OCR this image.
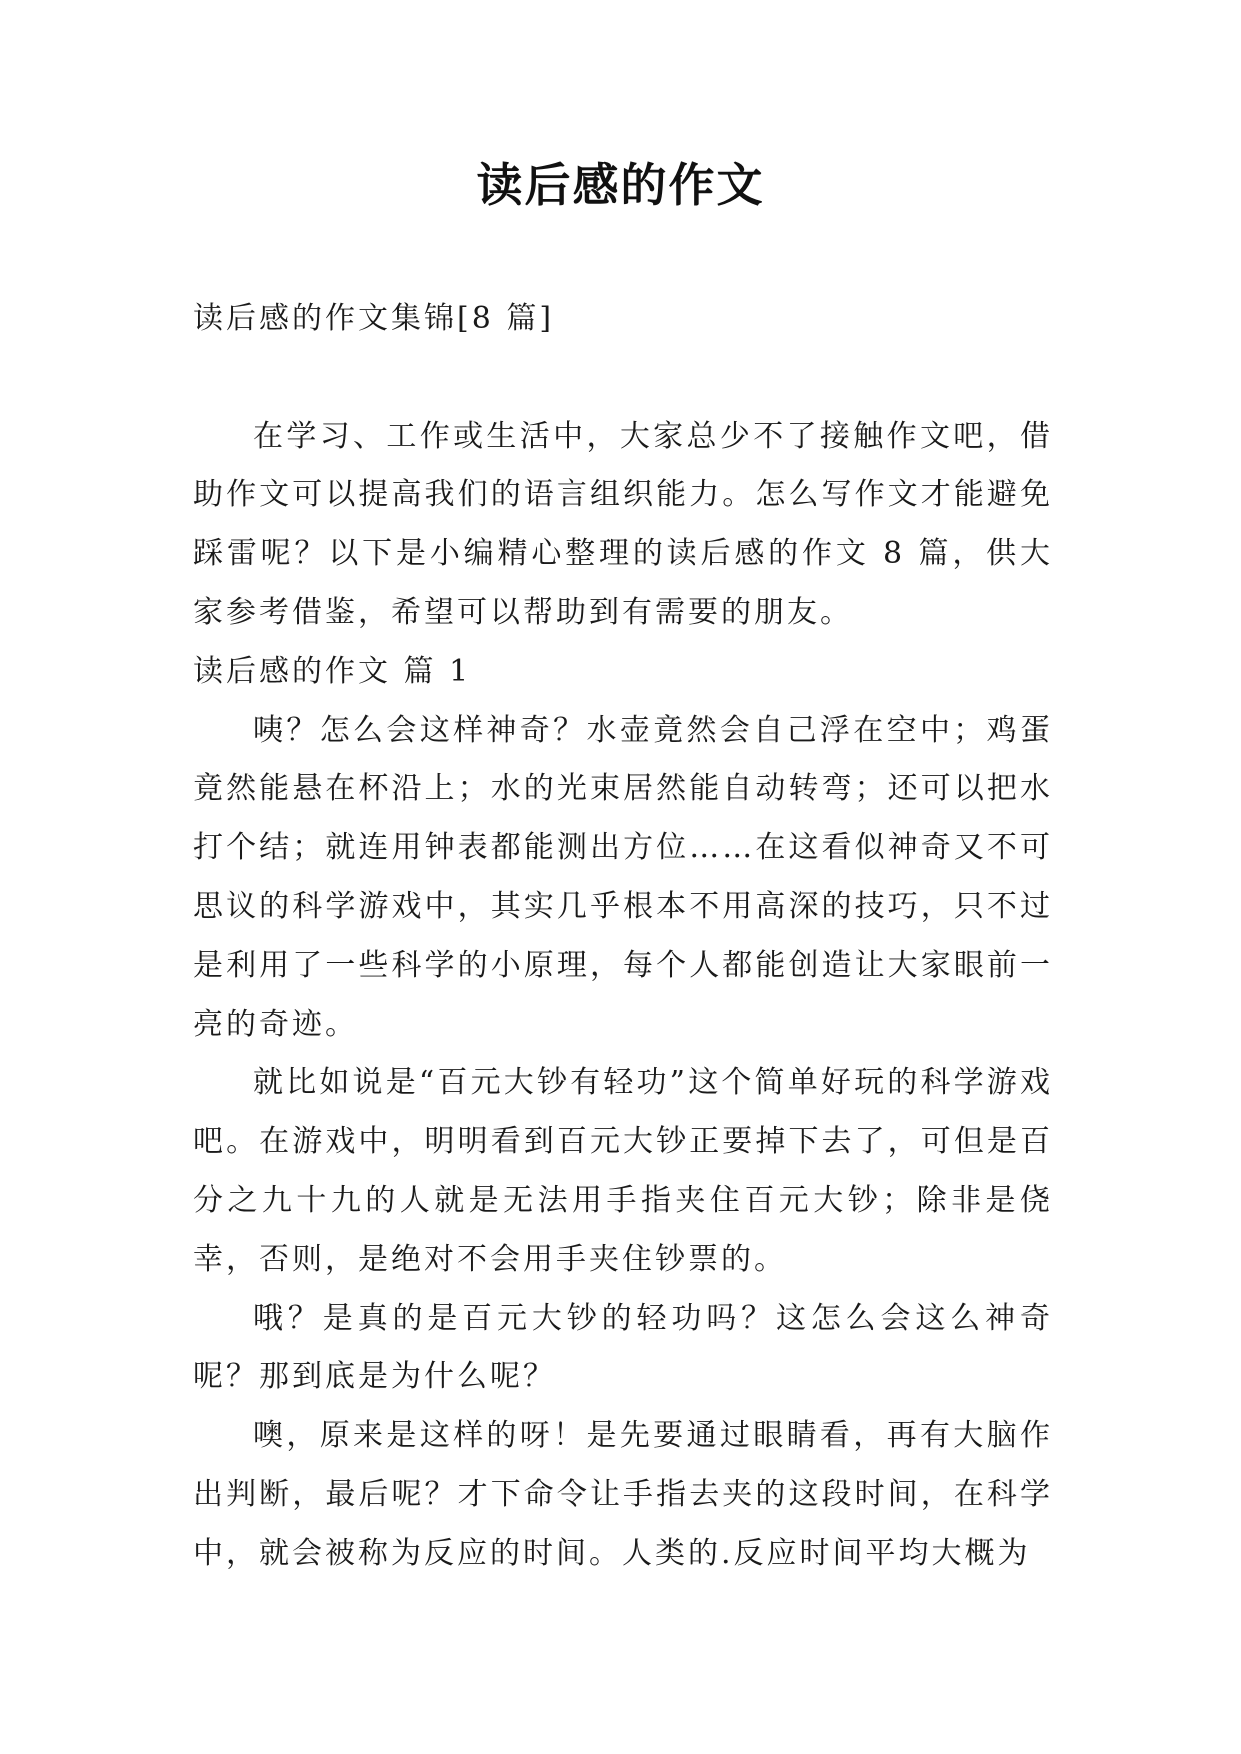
读后感的作文

读后感的作文集锦[8 篇]

在学习、工作或生活中，大家总少不了接触作文吧，借助作文可以提高我们的语言组织能力。怎么写作文才能避免踩雷呢？以下是小编精心整理的读后感的作文 8 篇，供大家参考借鉴，希望可以帮助到有需要的朋友。

读后感的作文 篇 1

咦？怎么会这样神奇？水壶竟然会自己浮在空中；鸡蛋竟然能悬在杯沿上；水的光束居然能自动转弯；还可以把水打个结；就连用钟表都能测出方位……在这看似神奇又不可思议的科学游戏中，其实几乎根本不用高深的技巧，只不过是利用了一些科学的小原理，每个人都能创造让大家眼前一亮的奇迹。

就比如说是“百元大钞有轻功”这个简单好玩的科学游戏吧。在游戏中，明明看到百元大钞正要掉下去了，可但是百分之九十九的人就是无法用手指夹住百元大钞；除非是侥幸，否则，是绝对不会用手夹住钞票的。

哦？是真的是百元大钞的轻功吗？这怎么会这么神奇呢？那到底是为什么呢？

噢，原来是这样的呀！是先要通过眼睛看，再有大脑作出判断，最后呢？才下命令让手指去夹的这段时间，在科学中，就会被称为反应的时间。人类的.反应时间平均大概为
